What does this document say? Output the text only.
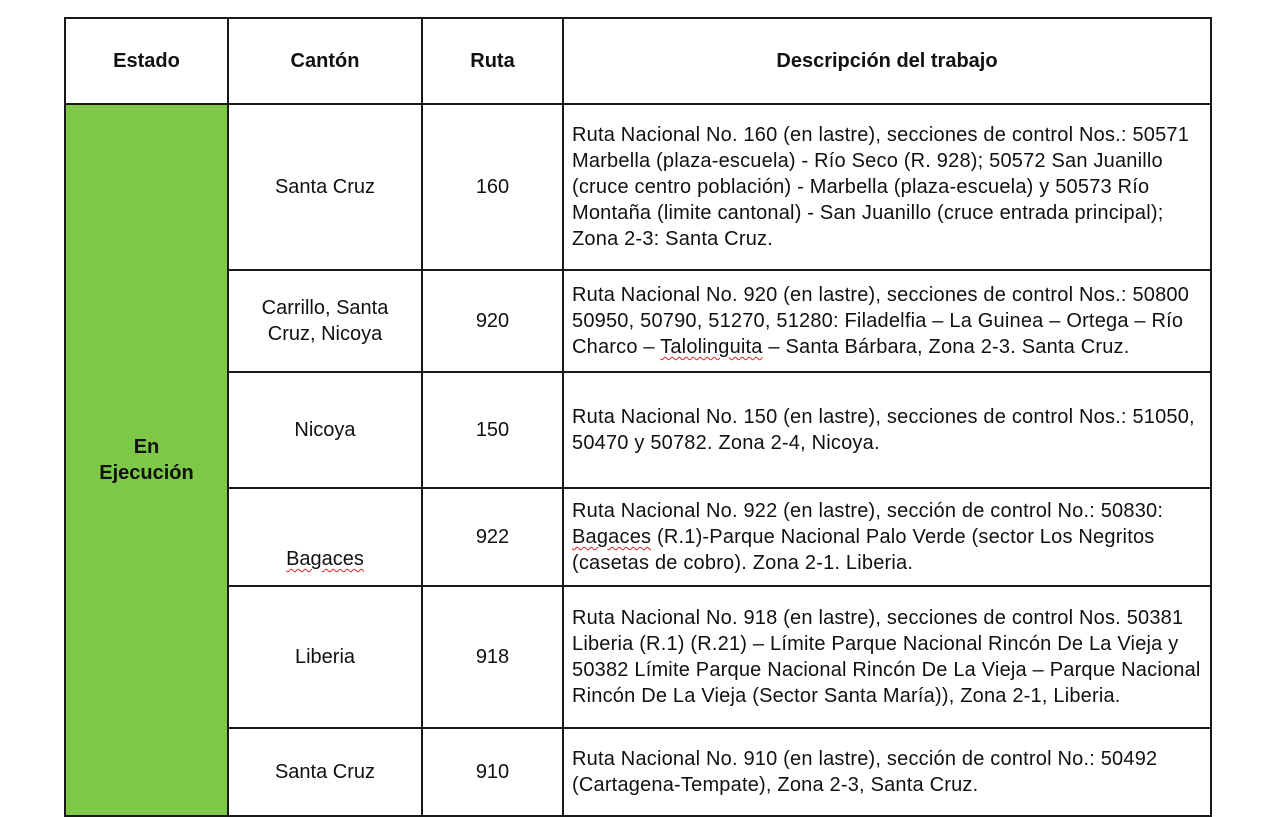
Estado	Cantón	Ruta	Descripción del trabajo
En
Ejecución	Santa Cruz	160	Ruta Nacional No. 160 (en lastre), secciones de control Nos.: 50571 Marbella (plaza-escuela) - Río Seco (R. 928); 50572 San Juanillo (cruce centro población) - Marbella (plaza-escuela) y 50573 Río Montaña (limite cantonal) - San Juanillo (cruce entrada principal); Zona 2-3: Santa Cruz.
	Carrillo, Santa Cruz, Nicoya	920	Ruta Nacional No. 920 (en lastre), secciones de control Nos.: 50800 50950, 50790, 51270, 51280: Filadelfia – La Guinea – Ortega – Río Charco – Talolinguita – Santa Bárbara, Zona 2-3. Santa Cruz.
	Nicoya	150	Ruta Nacional No. 150 (en lastre), secciones de control Nos.: 51050, 50470 y 50782. Zona 2-4, Nicoya.
	Bagaces	922	Ruta Nacional No. 922 (en lastre), sección de control No.: 50830: Bagaces (R.1)-Parque Nacional Palo Verde (sector Los Negritos (casetas de cobro). Zona 2-1. Liberia.
	Liberia	918	Ruta Nacional No. 918 (en lastre), secciones de control Nos. 50381 Liberia (R.1) (R.21) – Límite Parque Nacional Rincón De La Vieja y 50382 Límite Parque Nacional Rincón De La Vieja – Parque Nacional Rincón De La Vieja (Sector Santa María)), Zona 2-1, Liberia.
	Santa Cruz	910	Ruta Nacional No. 910 (en lastre), sección de control No.: 50492 (Cartagena-Tempate), Zona 2-3, Santa Cruz.
